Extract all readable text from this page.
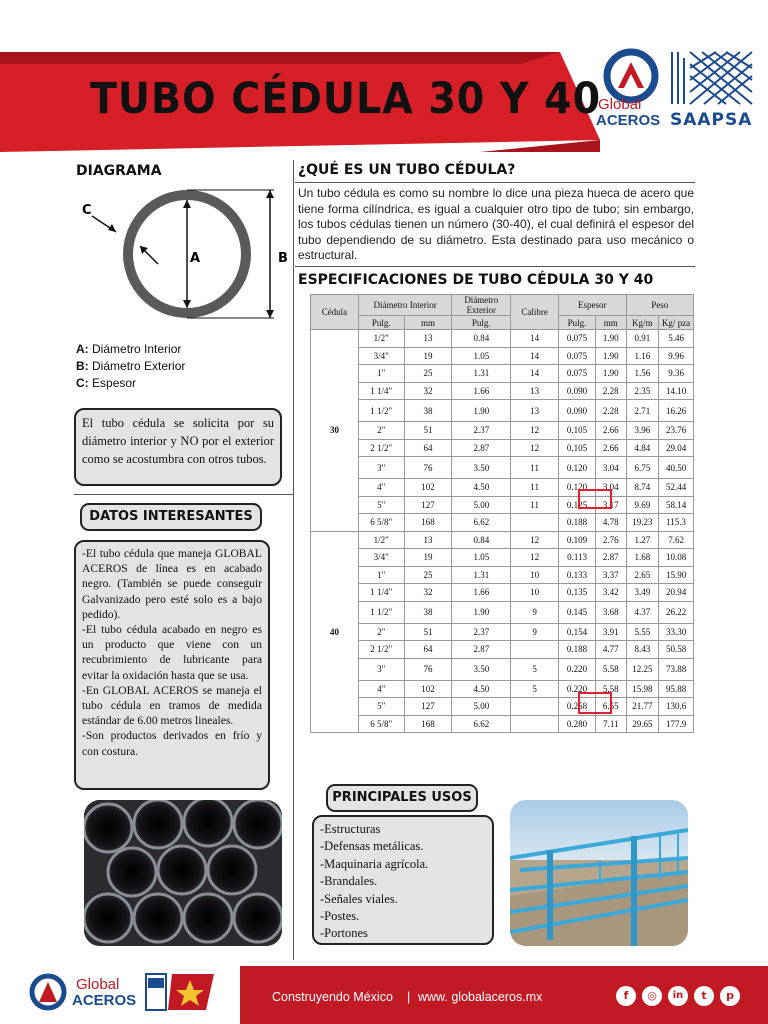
TUBO CÉDULA 30 Y 40
Global
ACEROS SAAPSA
DIAGRAMA
A	B
C
A: Diámetro Interior
B: Diámetro Exterior
C: Espesor
El tubo cédula se solicita por su diámetro interior y NO por el exterior como se acostumbra con otros tubos.
DATOS INTERESANTES
-El tubo cédula que maneja GLOBAL ACEROS de línea es en acabado negro. (También se puede conseguir Galvanizado pero esté solo es a bajo pedido).
-El tubo cédula acabado en negro es un producto que viene con un recubrimiento de lubricante para evitar la oxidación hasta que se usa.
-En GLOBAL ACEROS se maneja el tubo cédula en tramos de medida estándar de 6.00 metros lineales.
-Son productos derivados en frío y con costura.
¿QUÉ ES UN TUBO CÉDULA?
Un tubo cédula es como su nombre lo dice una pieza hueca de acero que tiene forma cilíndrica, es igual a cualquier otro tipo de tubo; sin embargo, los tubos cédulas tienen un número (30-40), el cual definirá el espesor del tubo dependiendo de su diámetro. Esta destinado para uso mecánico o estructural.
ESPECIFICACIONES DE TUBO CÉDULA 30 Y 40
Cédula	Diámetro Interior		Diámetro Exterior	Calibre	Espesor		Peso	
	Pulg.	mm	Pulg.		Pulg.	mm	Kg/m	Kg/ pza
30	1/2"	13	0.84	14	0.075	1.90	0.91	5.46
	3/4"	19	1.05	14	0.075	1.90	1.16	9.96
	1"	25	1.31	14	0.075	1.90	1.56	9.36
	1 1/4"	32	1.66	13	0.090	2.28	2.35	14.10
	1 1/2"	38	1.90	13	0.090	2.28	2.71	16.26
	2"	51	2.37	12	0.105	2.66	3.96	23.76
	2 1/2"	64	2.87	12	0.105	2.66	4.84	29.04
	3"	76	3.50	11	0.120	3.04	6.75	40.50
	4"	102	4.50	11	0.120	3.04	8.74	52.44
	5"	127	5.00	11	0.125	3.17	9.69	58.14
	6 5/8"	168	6.62		0.188	4.78	19.23	115.3
40	1/2"	13	0.84	12	0.109	2.76	1.27	7.62
	3/4"	19	1.05	12	0.113	2.87	1.68	10.08
	1"	25	1.31	10	0.133	3.37	2.65	15.90
	1 1/4"	32	1.66	10	0.135	3.42	3.49	20.94
	1 1/2"	38	1.90	9	0.145	3.68	4.37	26.22
	2"	51	2.37	9	0.154	3.91	5.55	33.30
	2 1/2"	64	2.87		0.188	4.77	8.43	50.58
	3"	76	3.50	5	0.220	5.58	12.25	73.88
	4"	102	4.50	5	0.220	5.58	15.98	95.88
	5"	127	5.00		0.258	6.55	21.77	130.6
	6 5/8"	168	6.62		0.280	7.11	29.65	177.9
PRINCIPALES USOS
-Estructuras
-Defensas metálicas.
-Maquinaria agrícola.
-Brandales.
-Señales viales.
-Postes.
-Portones
Global
ACEROS	Construyendo México | www. globalaceros.mx	f	◎	in	t	p
